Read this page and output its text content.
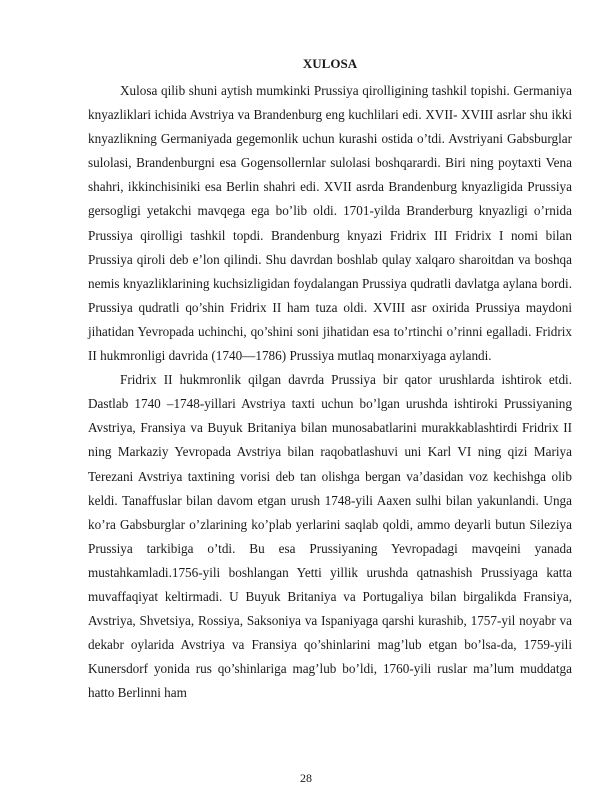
XULOSA

Xulosa qilib shuni aytish mumkinki Prussiya qirolligining tashkil topishi. Germaniya knyazliklari ichida Avstriya va Brandenburg eng kuchlilari edi. XVII- XVIII asrlar shu ikki knyazlikning Germaniyada gegemonlik uchun kurashi ostida o’tdi. Avstriyani Gabsburglar sulolasi, Brandenburgni esa Gogensollernlar sulolasi boshqarardi. Biri ning poytaxti Vena shahri, ikkinchisiniki esa Berlin shahri edi. XVII asrda Brandenburg knyazligida Prussiya gersogligi yetakchi mavqega ega bo’lib oldi. 1701-yilda Branderburg knyazligi o’rnida Prussiya qirolligi tashkil topdi. Brandenburg knyazi Fridrix III Fridrix I nomi bilan Prussiya qiroli deb e’lon qilindi. Shu davrdan boshlab qulay xalqaro sharoitdan va boshqa nemis knyazliklarining kuchsizligidan foydalangan Prussiya qudratli davlatga aylana bordi. Prussiya qudratli qo’shin Fridrix II ham tuza oldi. XVIII asr oxirida Prussiya maydoni jihatidan Yevropada uchinchi, qo’shini soni jihatidan esa to’rtinchi o’rinni egalladi. Fridrix II hukmronligi davrida (1740—1786) Prussiya mutlaq monarxiyaga aylandi.

Fridrix II hukmronlik qilgan davrda Prussiya bir qator urushlarda ishtirok etdi. Dastlab 1740 –1748-yillari Avstriya taxti uchun bo’lgan urushda ishtiroki Prussiyaning Avstriya, Fransiya va Buyuk Britaniya bilan munosabatlarini murakkablashtirdi Fridrix II ning Markaziy Yevropada Avstriya bilan raqobatlashuvi uni Karl VI ning qizi Mariya Terezani Avstriya taxtining vorisi deb tan olishga bergan va’dasidan voz kechishga olib keldi. Tanaffuslar bilan davom etgan urush 1748-yili Aaxen sulhi bilan yakunlandi. Unga ko’ra Gabsburglar o’zlarining ko’plab yerlarini saqlab qoldi, ammo deyarli butun Sileziya Prussiya tarkibiga o’tdi. Bu esa Prussiyaning Yevropadagi mavqeini yanada mustahkamladi.1756-yili boshlangan Yetti yillik urushda qatnashish Prussiyaga katta muvaffaqiyat keltirmadi. U Buyuk Britaniya va Portugaliya bilan birgalikda Fransiya, Avstriya, Shvetsiya, Rossiya, Saksoniya va Ispaniyaga qarshi kurashib, 1757-yil noyabr va dekabr oylarida Avstriya va Fransiya qo’shinlarini mag’lub etgan bo’lsa-da, 1759-yili Kunersdorf yonida rus qo’shinlariga mag’lub bo’ldi, 1760-yili ruslar ma’lum muddatga hatto Berlinni ham

28
